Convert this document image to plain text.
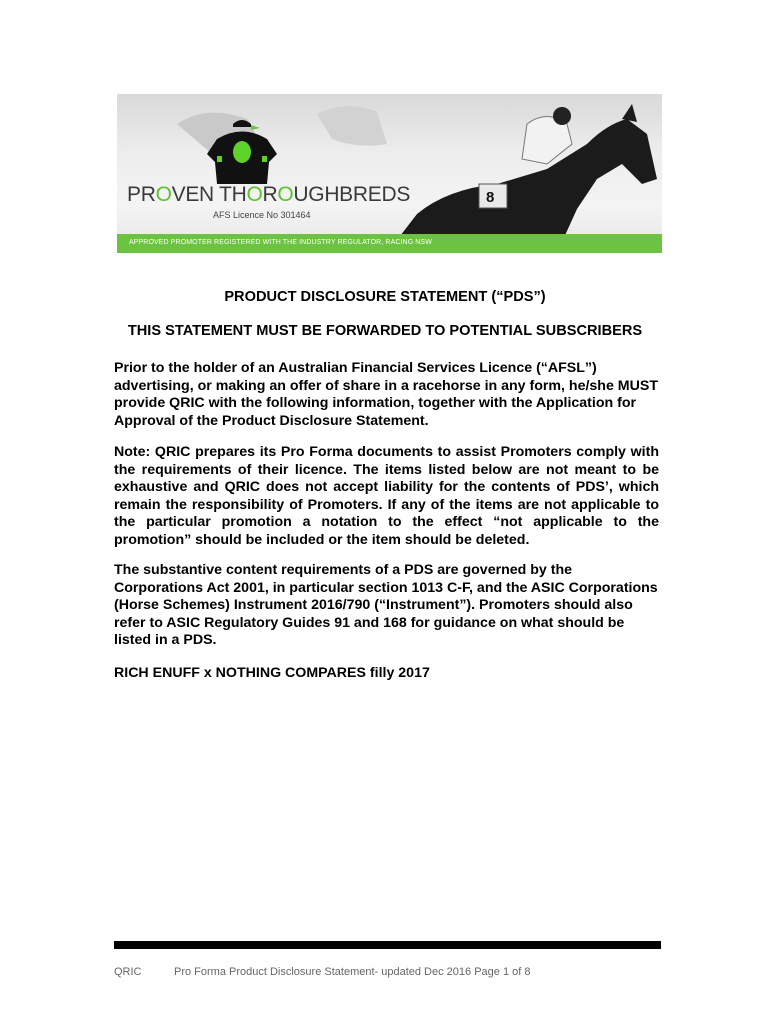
8
PROVEN THOROUGHBREDS
AFS Licence No 301464
APPROVED PROMOTER REGISTERED WITH THE INDUSTRY REGULATOR, RACING NSW
PRODUCT DISCLOSURE STATEMENT (“PDS”)
THIS STATEMENT MUST BE FORWARDED TO POTENTIAL SUBSCRIBERS

Prior to the holder of an Australian Financial Services Licence (“AFSL”) advertising, or making an offer of share in a racehorse in any form, he/she MUST provide QRIC with the following information, together with the Application for Approval of the Product Disclosure Statement.

Note: QRIC prepares its Pro Forma documents to assist Promoters comply with the requirements of their licence. The items listed below are not meant to be exhaustive and QRIC does not accept liability for the contents of PDS’, which remain the responsibility of Promoters. If any of the items are not applicable to the particular promotion a notation to the effect “not applicable to the promotion” should be included or the item should be deleted.

The substantive content requirements of a PDS are governed by the Corporations Act 2001, in particular section 1013 C-F, and the ASIC Corporations (Horse Schemes) Instrument 2016/790 (“Instrument”). Promoters should also refer to ASIC Regulatory Guides 91 and 168 for guidance on what should be listed in a PDS.

RICH ENUFF x NOTHING COMPARES filly 2017

QRIC	Pro Forma Product Disclosure Statement- updated Dec 2016 Page 1 of 8
